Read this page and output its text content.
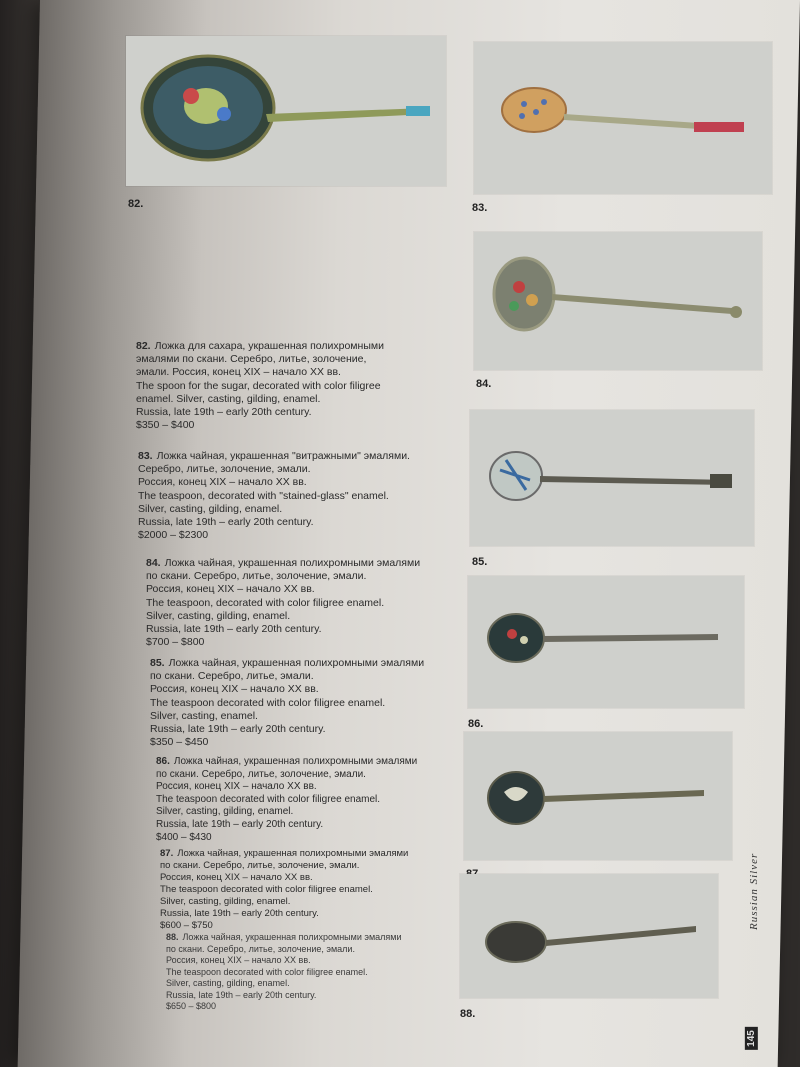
82.	83.
84.
85.
86.
88.
82. Ложка для сахара, украшенная полихромными
эмалями по скани. Серебро, литье, золочение,
эмали. Россия, конец XIX – начало XX вв.
The spoon for the sugar, decorated with color filigree
enamel. Silver, casting, gilding, enamel.
Russia, late 19th – early 20th century.
$350 – $400
83. Ложка чайная, украшенная "витражными" эмалями.
Серебро, литье, золочение, эмали.
Россия, конец XIX – начало XX вв.
The teaspoon, decorated with "stained-glass" enamel.
Silver, casting, gilding, enamel.
Russia, late 19th – early 20th century.
$2000 – $2300
84. Ложка чайная, украшенная полихромными эмалями
по скани. Серебро, литье, золочение, эмали.
Россия, конец XIX – начало XX вв.
The teaspoon, decorated with color filigree enamel.
Silver, casting, gilding, enamel.
Russia, late 19th – early 20th century.
$700 – $800
85. Ложка чайная, украшенная полихромными эмалями
по скани. Серебро, литье, эмали.
Россия, конец XIX – начало XX вв.
The teaspoon decorated with color filigree enamel.
Silver, casting, enamel.
Russia, late 19th – early 20th century.
$350 – $450
86. Ложка чайная, украшенная полихромными эмалями
по скани. Серебро, литье, золочение, эмали.
Россия, конец XIX – начало XX вв.
The teaspoon decorated with color filigree enamel.
Silver, casting, gilding, enamel.
Russia, late 19th – early 20th century.
$400 – $430
87. Ложка чайная, украшенная полихромными эмалями
по скани. Серебро, литье, золочение, эмали.
Россия, конец XIX – начало XX вв.
The teaspoon decorated with color filigree enamel.
Silver, casting, gilding, enamel.
Russia, late 19th – early 20th century.
$600 – $750
88. Ложка чайная, украшенная полихромными эмалями
по скани. Серебро, литье, золочение, эмали.
Россия, конец XIX – начало XX вв.
The teaspoon decorated with color filigree enamel.
Silver, casting, gilding, enamel.
Russia, late 19th – early 20th century.
$650 – $800
Russian Silver
145
